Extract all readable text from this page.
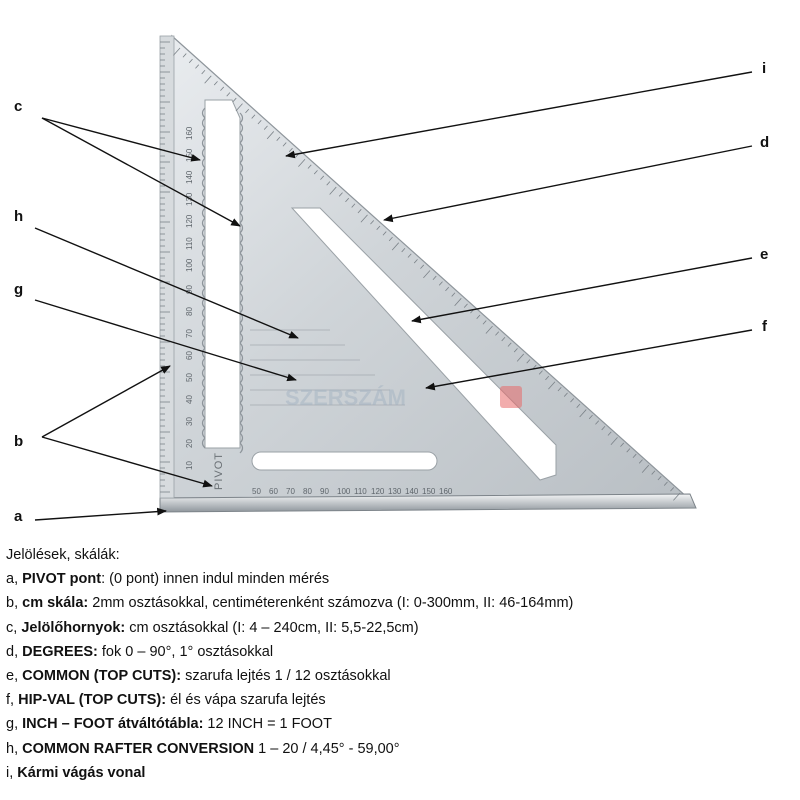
50 60 70 80 90 100 110 120 130 140 150 160
10
20
30
40
50
60
70
80
90
100
110
120
130
140
150
160
PIVOT
SZERSZÁM
c
h
g
b
a
i
d
e
f
Jelölések, skálák:
a, PIVOT pont: (0 pont) innen indul minden mérés
b, cm skála: 2mm osztásokkal, centiméterenként számozva (I: 0-300mm, II: 46-164mm)
c, Jelölőhornyok: cm osztásokkal (I: 4 – 240cm, II: 5,5-22,5cm)
d, DEGREES: fok 0 – 90°, 1° osztásokkal
e, COMMON (TOP CUTS): szarufa lejtés 1 / 12 osztásokkal
f, HIP-VAL (TOP CUTS): él és vápa szarufa lejtés
g, INCH – FOOT átváltótábla: 12 INCH = 1 FOOT
h, COMMON RAFTER CONVERSION 1 – 20 / 4,45° - 59,00°
i, Kármi vágás vonal
